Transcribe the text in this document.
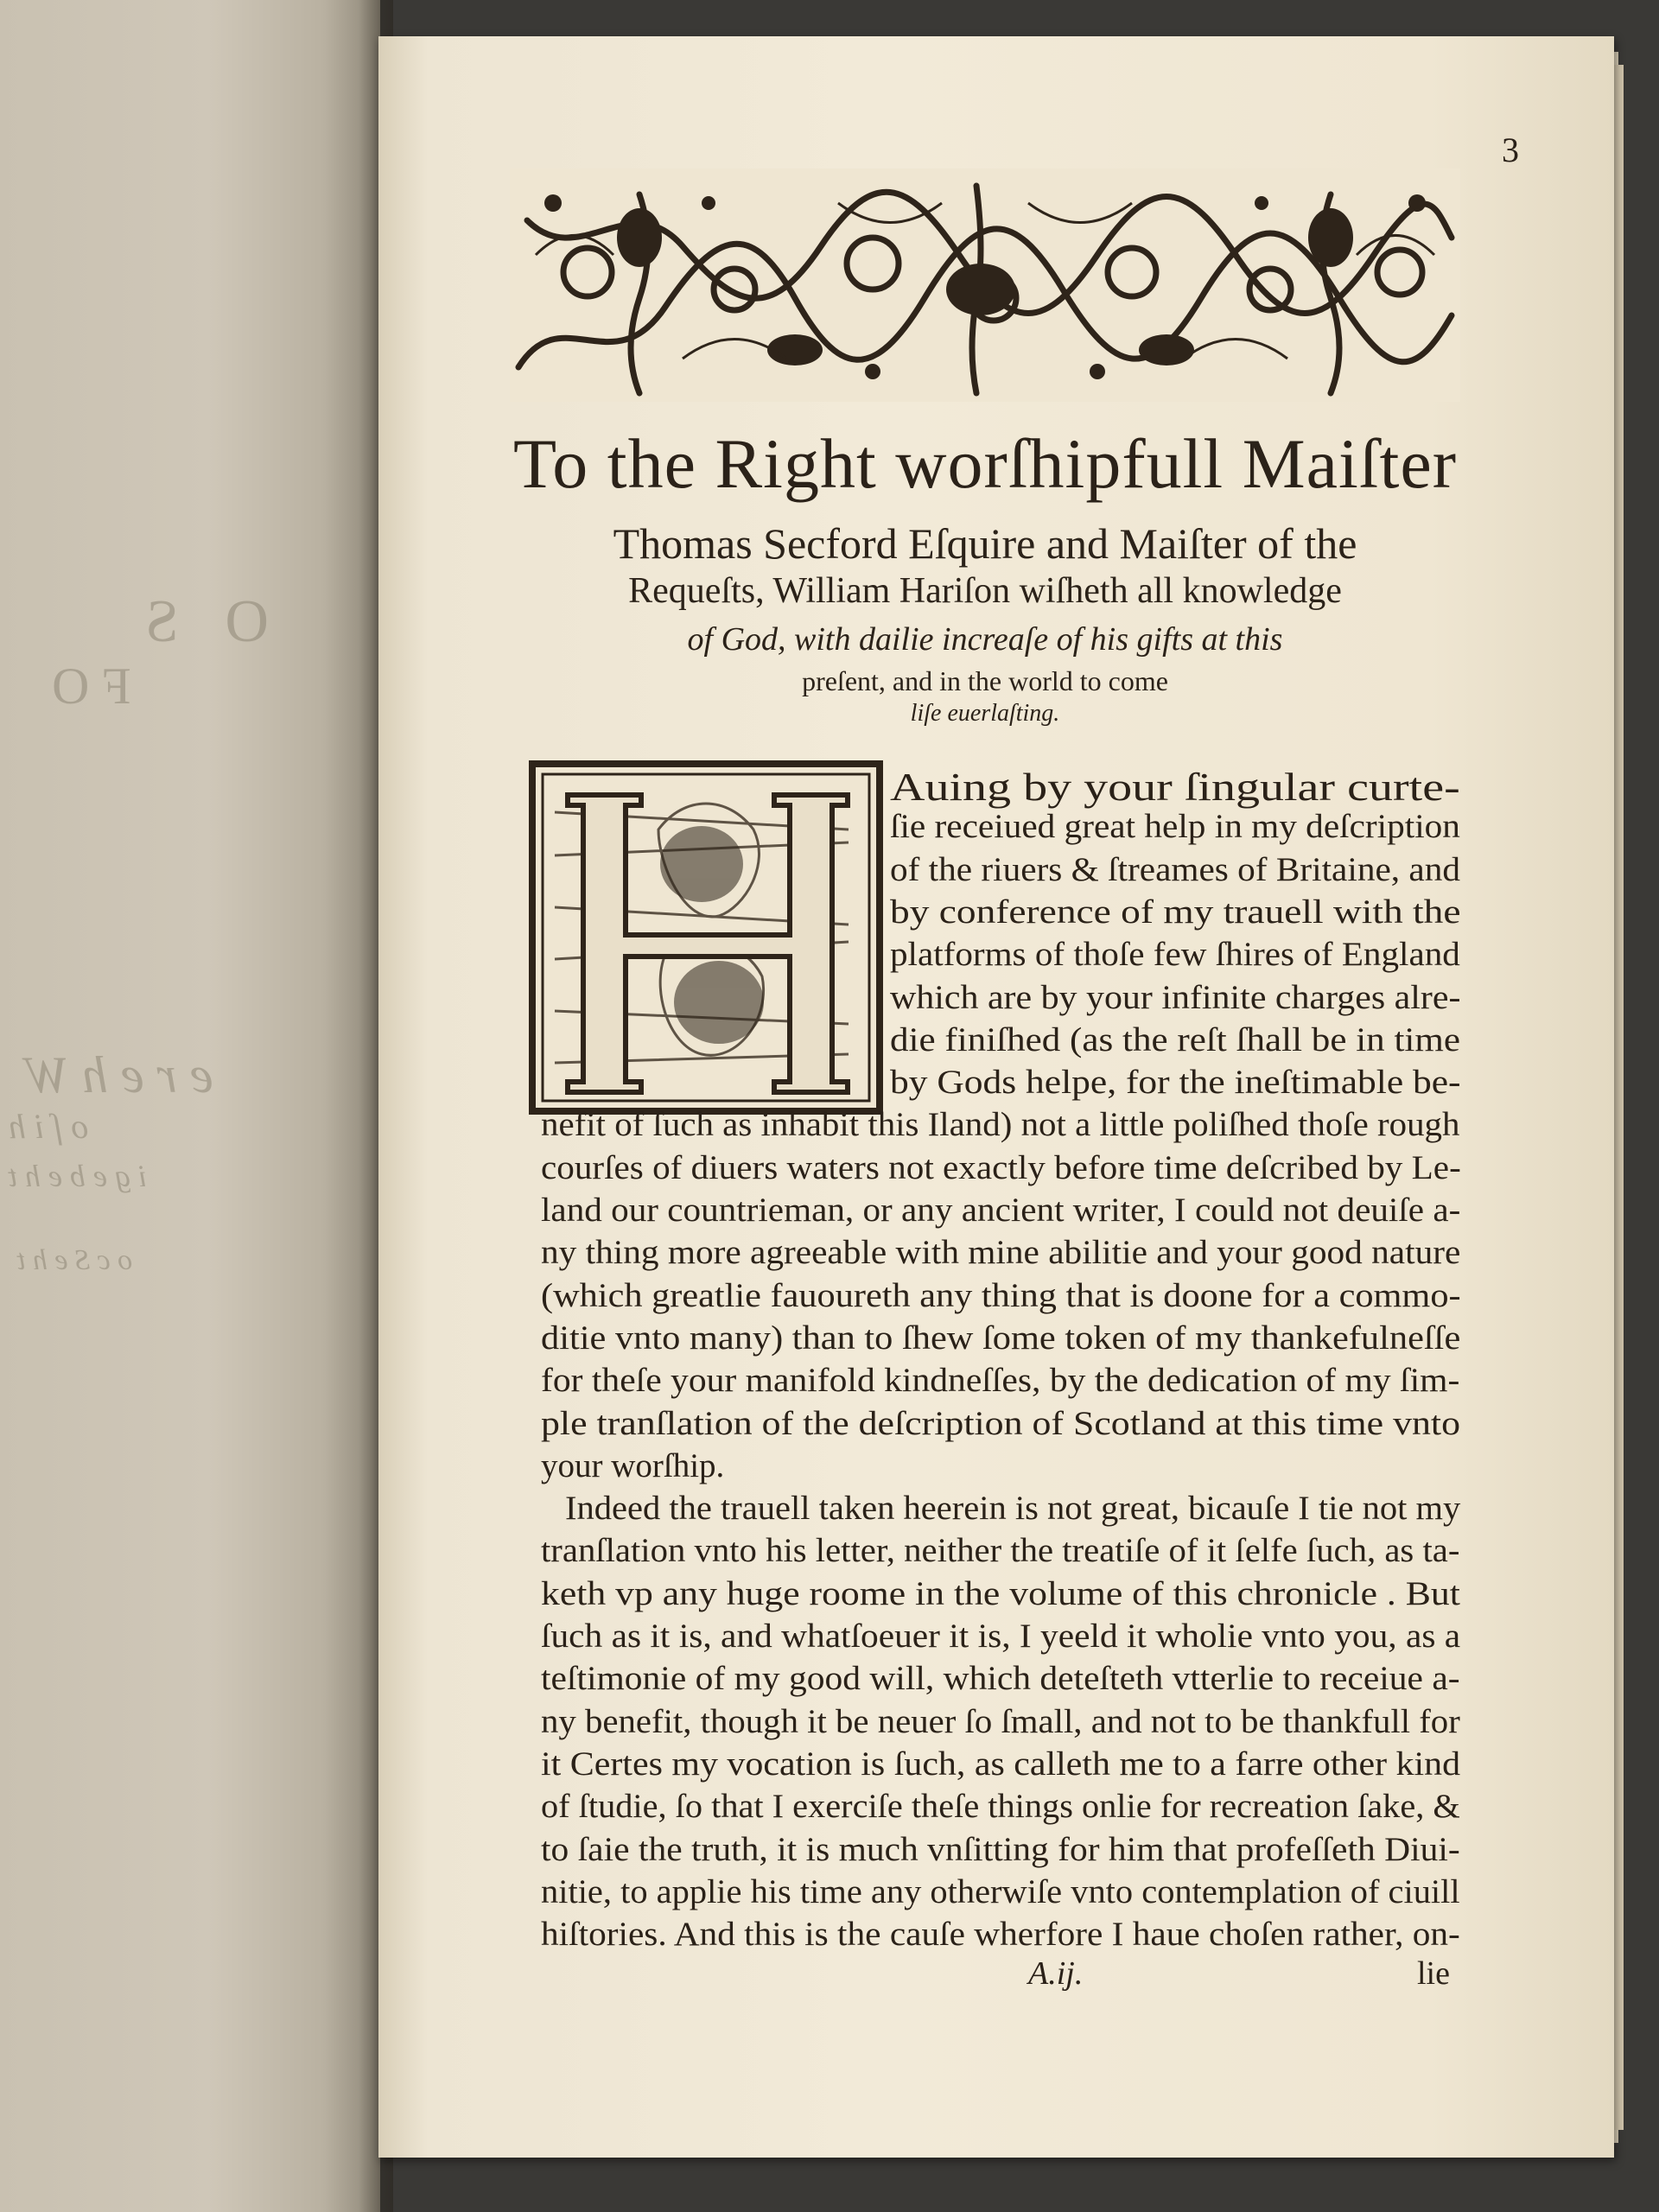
O S
F O
e r e h W
o ſ i h
i g e b e h t
o c S e h t
3
To the Right worſhipfull Maiſter
Thomas Secford Eſquire and Maiſter of the
Requeſts, William Hariſon wiſheth all knowledge
of God, with dailie increaſe of his gifts at this
preſent, and in the world to come
liſe euerlaſting.
Auing by your ſingular curte-
ſie receiued great help in my deſcription
of the riuers & ſtreames of Britaine, and
by conference of my trauell with the
platforms of thoſe few ſhires of England
which are by your infinite charges alre-
die finiſhed (as the reſt ſhall be in time
by Gods helpe, for the ineſtimable be-
nefit of ſuch as inhabit this Iland) not a little poliſhed thoſe rough
courſes of diuers waters not exactly before time deſcribed by Le-
land our countrieman, or any ancient writer, I could not deuiſe a-
ny thing more agreeable with mine abilitie and your good nature
(which greatlie fauoureth any thing that is doone for a commo-
ditie vnto many) than to ſhew ſome token of my thankefulneſſe
for theſe your manifold kindneſſes, by the dedication of my ſim-
ple tranſlation of the deſcription of Scotland at this time vnto
your worſhip.
Indeed the trauell taken heerein is not great, bicauſe I tie not my
tranſlation vnto his letter, neither the treatiſe of it ſelfe ſuch, as ta-
keth vp any huge roome in the volume of this chronicle . But
ſuch as it is, and whatſoeuer it is, I yeeld it wholie vnto you, as a
teſtimonie of my good will, which deteſteth vtterlie to receiue a-
ny benefit, though it be neuer ſo ſmall, and not to be thankfull for
it Certes my vocation is ſuch, as calleth me to a farre other kind
of ſtudie, ſo that I exerciſe theſe things onlie for recreation ſake, &
to ſaie the truth, it is much vnſitting for him that profeſſeth Diui-
nitie, to applie his time any otherwiſe vnto contemplation of ciuill
hiſtories. And this is the cauſe wherfore I haue choſen rather, on-
A.ij.	lie
